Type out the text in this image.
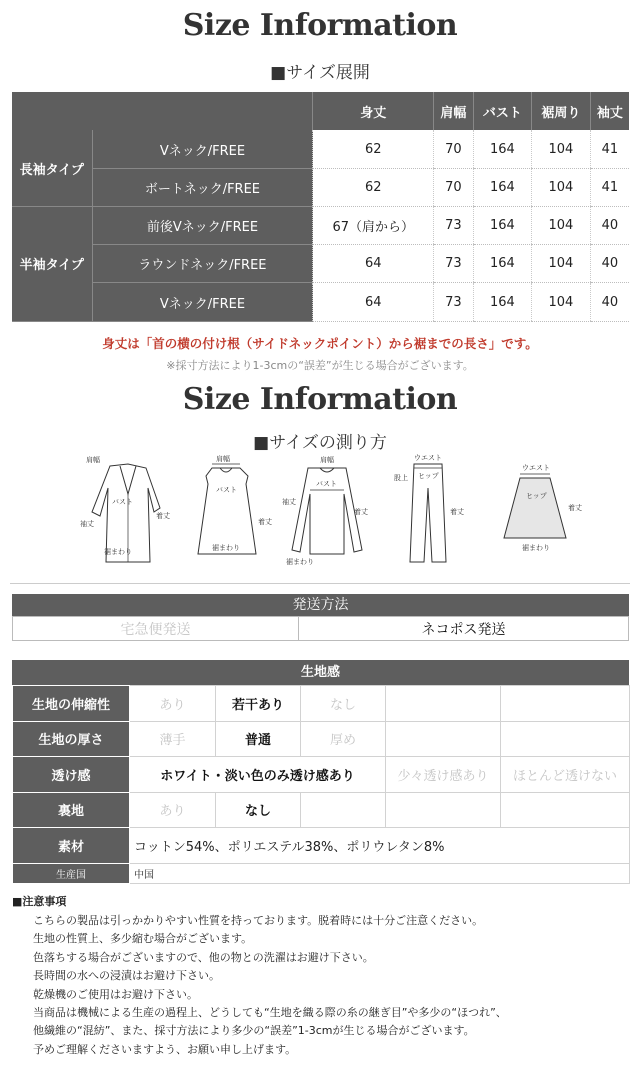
Size Information
■サイズ展開
		身丈	肩幅	バスト	裾周り	袖丈
長袖タイプ	Vネック/FREE	62	70	164	104	41
	ボートネック/FREE	62	70	164	104	41
半袖タイプ	前後Vネック/FREE	67（肩から）	73	164	104	40
	ラウンドネック/FREE	64	73	164	104	40
	Vネック/FREE	64	73	164	104	40
身丈は「首の横の付け根（サイドネックポイント）から裾までの長さ」です。
※採寸方法により1-3cmの“誤差”が生じる場合がございます。
Size Information
■サイズの測り方
肩幅
バスト
袖丈
着丈
裾まわり
肩幅
バスト
着丈
裾まわり
肩幅
バスト
袖丈
着丈
裾まわり
ウエスト
ヒップ
股上
着丈
ウエスト
ヒップ
着丈
裾まわり
発送方法
宅急便発送	ネコポス発送
生地感
生地の伸縮性	あり	若干あり	なし		
生地の厚さ	薄手	普通	厚め		
透け感	ホワイト・淡い色のみ透け感あり			少々透け感あり	ほとんど透けない
裏地	あり	なし			
素材	コットン54%、ポリエステル38%、ポリウレタン8%				
生産国	中国				
■注意事項
こちらの製品は引っかかりやすい性質を持っております。脱着時には十分ご注意ください。
生地の性質上、多少縮む場合がございます。
色落ちする場合がございますので、他の物との洗濯はお避け下さい。
長時間の水への浸漬はお避け下さい。
乾燥機のご使用はお避け下さい。
当商品は機械による生産の過程上、どうしても“生地を織る際の糸の継ぎ目”や多少の“ほつれ”、
他繊維の“混紡”、また、採寸方法により多少の“誤差”1-3cmが生じる場合がございます。
予めご理解くださいますよう、お願い申し上げます。
